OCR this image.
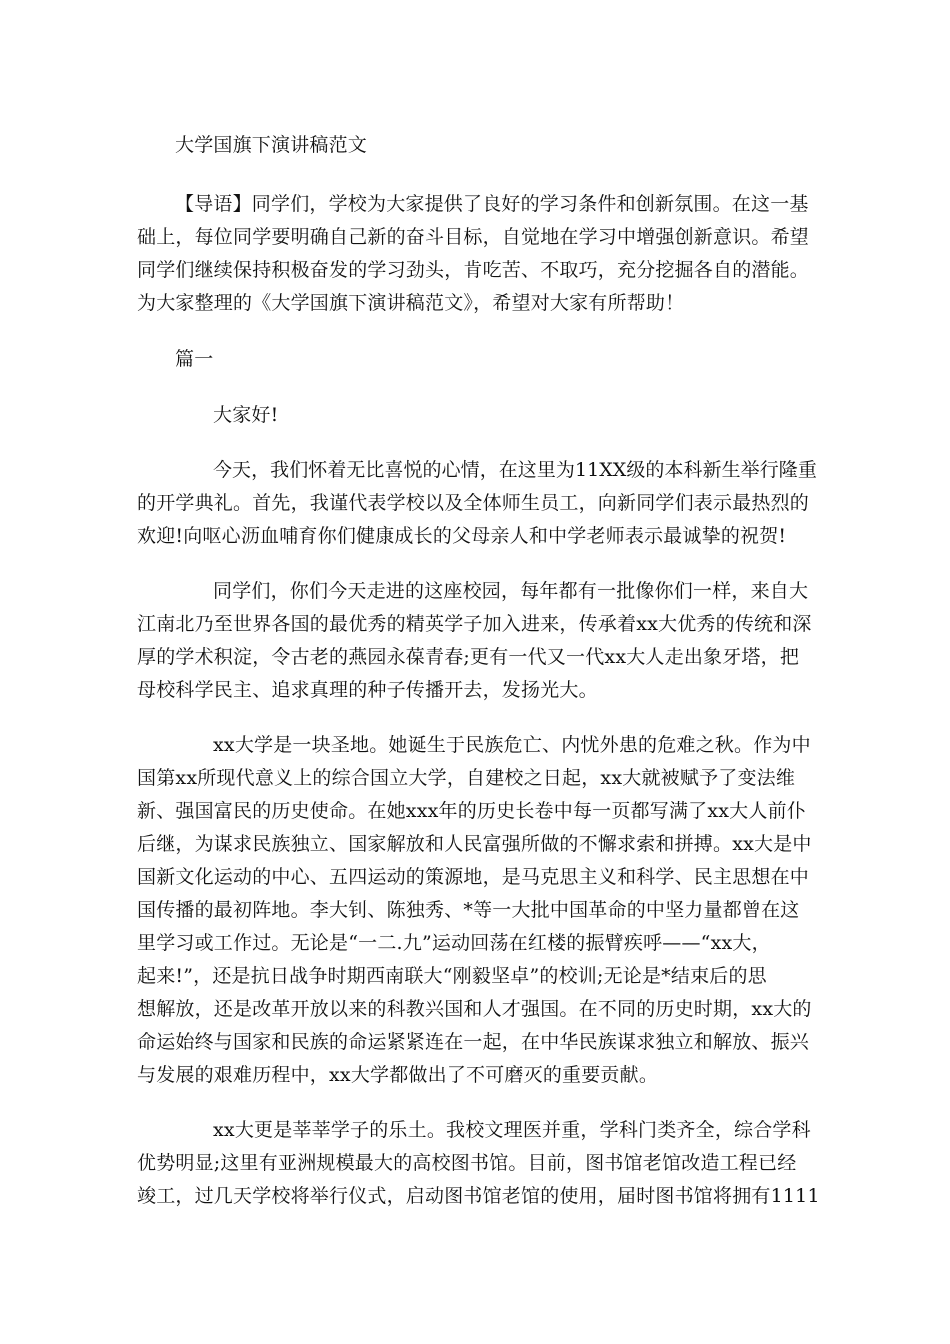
大学国旗下演讲稿范文
【导语】同学们，学校为大家提供了良好的学习条件和创新氛围。在这一基
础上，每位同学要明确自己新的奋斗目标，自觉地在学习中增强创新意识。希望
同学们继续保持积极奋发的学习劲头，肯吃苦、不取巧，充分挖掘各自的潜能。
为大家整理的《大学国旗下演讲稿范文》，希望对大家有所帮助！
篇一
大家好!
今天，我们怀着无比喜悦的心情，在这里为11XX级的本科新生举行隆重
的开学典礼。首先，我谨代表学校以及全体师生员工，向新同学们表示最热烈的
欢迎!向呕心沥血哺育你们健康成长的父母亲人和中学老师表示最诚挚的祝贺!
同学们，你们今天走进的这座校园，每年都有一批像你们一样，来自大
江南北乃至世界各国的最优秀的精英学子加入进来，传承着xx大优秀的传统和深
厚的学术积淀，令古老的燕园永葆青春;更有一代又一代xx大人走出象牙塔，把
母校科学民主、追求真理的种子传播开去，发扬光大。
xx大学是一块圣地。她诞生于民族危亡、内忧外患的危难之秋。作为中
国第xx所现代意义上的综合国立大学，自建校之日起，xx大就被赋予了变法维
新、强国富民的历史使命。在她xxx年的历史长卷中每一页都写满了xx大人前仆
后继，为谋求民族独立、国家解放和人民富强所做的不懈求索和拼搏。xx大是中
国新文化运动的中心、五四运动的策源地，是马克思主义和科学、民主思想在中
国传播的最初阵地。李大钊、陈独秀、*等一大批中国革命的中坚力量都曾在这
里学习或工作过。无论是“一二.九”运动回荡在红楼的振臂疾呼——“xx大，
起来!”，还是抗日战争时期西南联大“刚毅坚卓”的校训;无论是*结束后的思
想解放，还是改革开放以来的科教兴国和人才强国。在不同的历史时期，xx大的
命运始终与国家和民族的命运紧紧连在一起，在中华民族谋求独立和解放、振兴
与发展的艰难历程中，xx大学都做出了不可磨灭的重要贡献。
xx大更是莘莘学子的乐土。我校文理医并重，学科门类齐全，综合学科
优势明显;这里有亚洲规模最大的高校图书馆。目前，图书馆老馆改造工程已经
竣工，过几天学校将举行仪式，启动图书馆老馆的使用，届时图书馆将拥有1111
